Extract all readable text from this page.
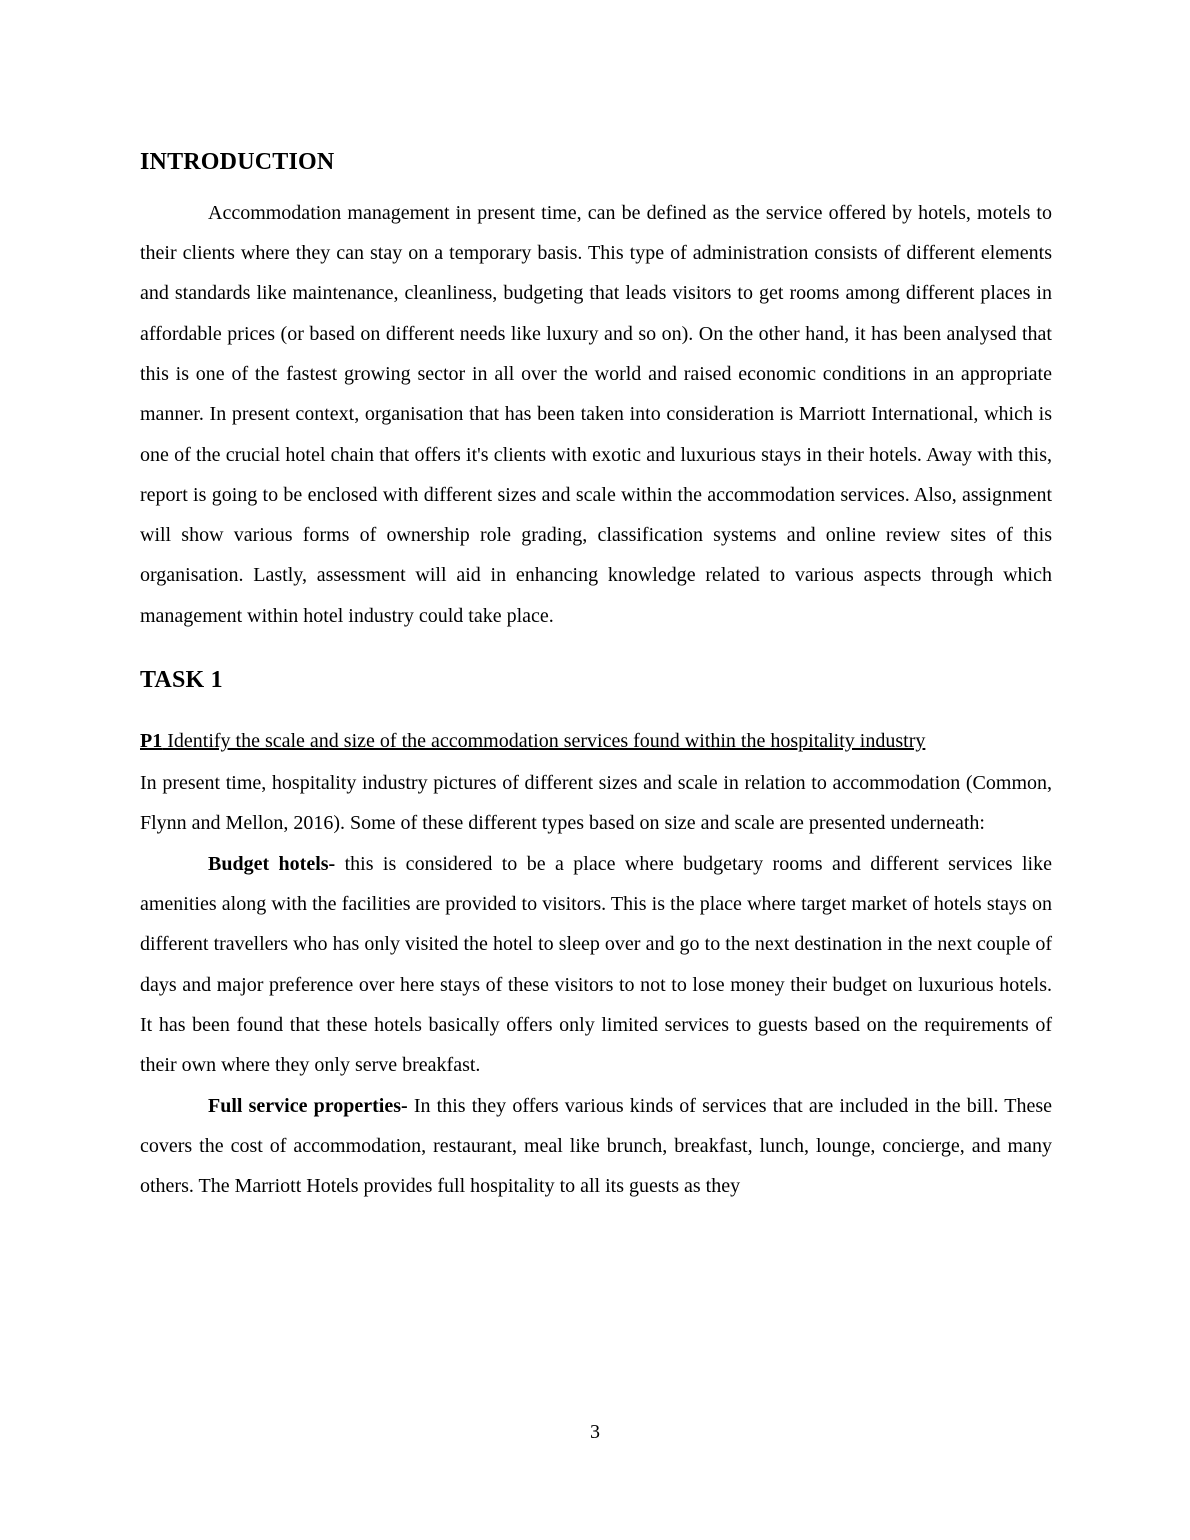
INTRODUCTION

Accommodation management in present time, can be defined as the service offered by hotels, motels to their clients where they can stay on a temporary basis. This type of administration consists of different elements and standards like maintenance, cleanliness, budgeting that leads visitors to get rooms among different places in affordable prices (or based on different needs like luxury and so on). On the other hand, it has been analysed that this is one of the fastest growing sector in all over the world and raised economic conditions in an appropriate manner. In present context, organisation that has been taken into consideration is Marriott International, which is one of the crucial hotel chain that offers it's clients with exotic and luxurious stays in their hotels. Away with this, report is going to be enclosed with different sizes and scale within the accommodation services. Also, assignment will show various forms of ownership role grading, classification systems and online review sites of this organisation. Lastly, assessment will aid in enhancing knowledge related to various aspects through which management within hotel industry could take place.

TASK 1

P1 Identify the scale and size of the accommodation services found within the hospitality industry

In present time, hospitality industry pictures of different sizes and scale in relation to accommodation (Common, Flynn and Mellon, 2016). Some of these different types based on size and scale are presented underneath:

Budget hotels- this is considered to be a place where budgetary rooms and different services like amenities along with the facilities are provided to visitors. This is the place where target market of hotels stays on different travellers who has only visited the hotel to sleep over and go to the next destination in the next couple of days and major preference over here stays of these visitors to not to lose money their budget on luxurious hotels. It has been found that these hotels basically offers only limited services to guests based on the requirements of their own where they only serve breakfast.

Full service properties- In this they offers various kinds of services that are included in the bill. These covers the cost of accommodation, restaurant, meal like brunch, breakfast, lunch, lounge, concierge, and many others. The Marriott Hotels provides full hospitality to all its guests as they

3
